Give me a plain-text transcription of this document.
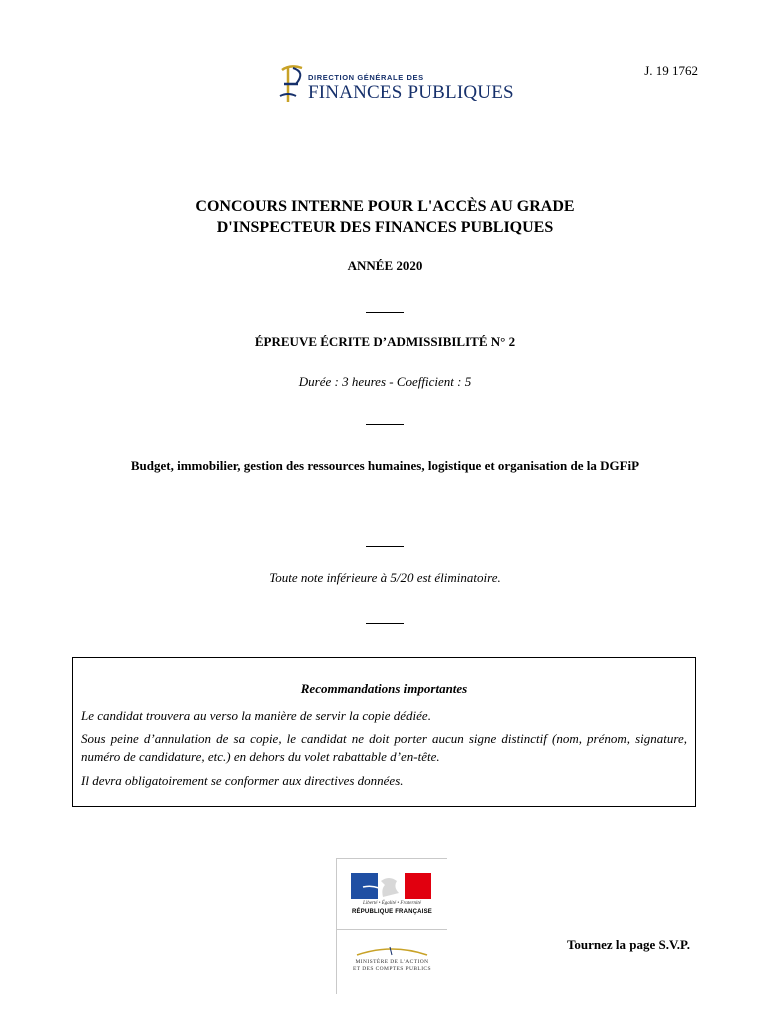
J. 19 1762
DIRECTION GÉNÉRALE DES
FINANCES PUBLIQUES
CONCOURS INTERNE POUR L'ACCÈS AU GRADE
D'INSPECTEUR DES FINANCES PUBLIQUES
ANNÉE 2020
ÉPREUVE ÉCRITE D’ADMISSIBILITÉ N° 2
Durée : 3 heures - Coefficient : 5
Budget, immobilier, gestion des ressources humaines, logistique et organisation de la DGFiP
Toute note inférieure à 5/20 est éliminatoire.
Recommandations importantes
Le candidat trouvera au verso la manière de servir la copie dédiée.
Sous peine d’annulation de sa copie, le candidat ne doit porter aucun signe distinctif (nom, prénom, signature, numéro de candidature, etc.) en dehors du volet rabattable d’en-tête.
Il devra obligatoirement se conformer aux directives données.
Liberté • Égalité • Fraternité
RÉPUBLIQUE FRANÇAISE
MINISTÈRE DE L'ACTION
ET DES COMPTES PUBLICS
Tournez la page S.V.P.
